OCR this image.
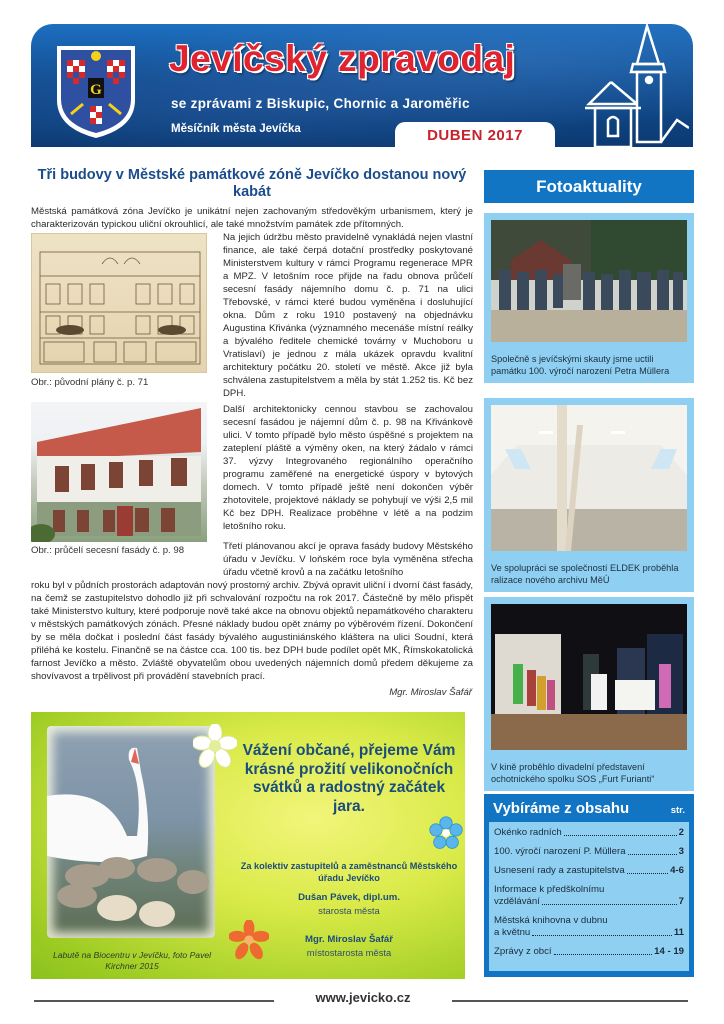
G
Jevíčský zpravodaj
se zprávami z Biskupic, Chornic a Jaroměřic
Měsíčník města Jevíčka	DUBEN 2017
Tři budovy v Městské památkové zóně Jevíčko dostanou nový kabát
Městská památková zóna Jevíčko je unikátní nejen zachovaným středověkým urbanismem, který je charakterizován typickou uliční okrouhlicí, ale také množstvím památek zde přítomných.
Obr.: původní plány č. p. 71
Obr.: průčelí secesní fasády č. p. 98
Na jejich údržbu město pravidelně vynakládá nejen vlastní finance, ale také čerpá dotační prostředky poskytované Ministerstvem kultury v rámci Programu regenerace MPR a MPZ. V letošním roce přijde na řadu obnova průčelí secesní fasády nájemního domu č. p. 71 na ulici Třebovské, v rámci které budou vyměněna i dosluhující okna. Dům z roku 1910 postavený na objednávku Augustina Křivánka (významného mecenáše místní reálky a bývalého ředitele chemické továrny v Muchoboru u Vratislaví) je jednou z mála ukázek opravdu kvalitní architektury počátku 20. století ve městě. Akce již byla schválena zastupitelstvem a měla by stát 1.252 tis. Kč bez DPH.
Další architektonicky cennou stavbou se zachovalou secesní fasádou je nájemní dům č. p. 98 na Křivánkově ulici. V tomto případě bylo město úspěšné s projektem na zateplení pláště a výměny oken, na který žádalo v rámci 37. výzvy Integrovaného regionálního operačního programu zaměřené na energetické úspory v bytových domech. V tomto případě ještě není dokončen výběr zhotovitele, projektové náklady se pohybují ve výši 2,5 mil Kč bez DPH. Realizace proběhne v létě a na podzim letošního roku.
Třetí plánovanou akcí je oprava fasády budovy Městského úřadu v Jevíčku. V loňském roce byla vyměněna střecha úřadu včetně krovů a na začátku letošního
roku byl v půdních prostorách adaptován nový prostorný archiv. Zbývá opravit uliční i dvorní část fasády, na čemž se zastupitelstvo dohodlo již při schvalování rozpočtu na rok 2017. Částečně by mělo přispět také Ministerstvo kultury, které podporuje nově také akce na obnovu objektů nepamátkového charakteru v městských památkových zónách. Přesné náklady budou opět známy po výběrovém řízení. Dokončení by se měla dočkat i poslední část fasády bývalého augustiniánského kláštera na ulici Soudní, která přiléhá ke kostelu. Finančně se na částce cca. 100 tis. bez DPH bude podílet opět MK, Římskokatolická farnost Jevíčko a město. Zvláště obyvatelům obou uvedených nájemních domů předem děkujeme za shovívavost a trpělivost při provádění stavebních prací.
Mgr. Miroslav Šafář
Labutě na Biocentru v Jevíčku, foto Pavel Kirchner 2015
Vážení občané, přejeme Vám krásné prožití velikonočních svátků a radostný začátek jara.
Za kolektiv zastupitelů a zaměstnanců Městského úřadu Jevíčko
Dušan Pávek, dipl.um.
starosta města
Mgr. Miroslav Šafář
místostarosta města
Fotoaktuality
Společně s jevíčskými skauty jsme uctili památku 100. výročí narození Petra Müllera
Ve spolupráci se společností ELDEK proběhla ralizace nového archivu MěÚ
V kině proběhlo divadelní představení ochotnického spolku SOS „Furt Furianti“
Vybíráme z obsahu	str.
Okénko radních	2
100. výročí narození P. Müllera	3
Usnesení rady a zastupitelstva	4-6
Informace k předškolnímu
vzdělávání	7
Městská knihovna v dubnu
a květnu	11
Zprávy z obcí	14 - 19
www.jevicko.cz
